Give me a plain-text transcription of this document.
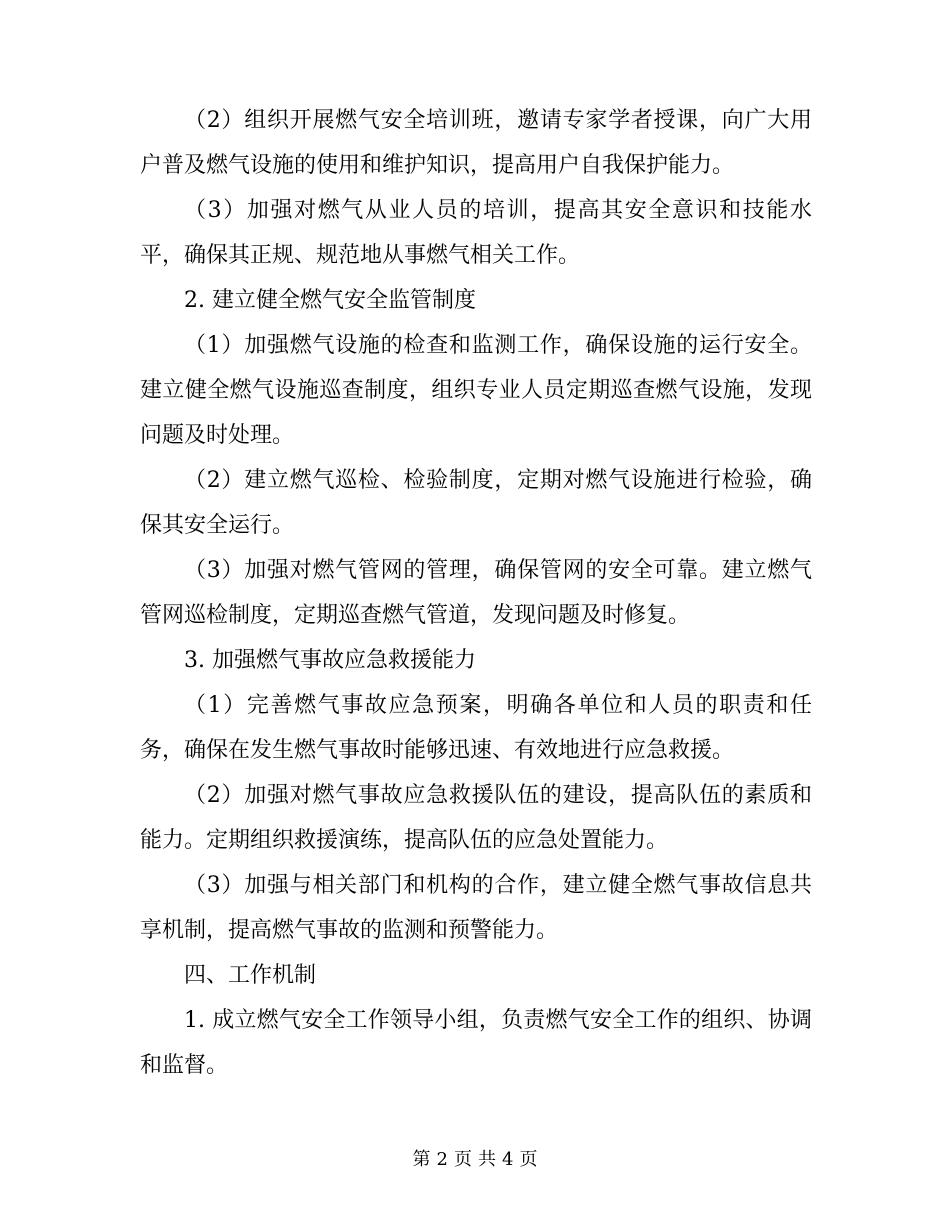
（2）组织开展燃气安全培训班，邀请专家学者授课，向广大用户普及燃气设施的使用和维护知识，提高用户自我保护能力。

（3）加强对燃气从业人员的培训，提高其安全意识和技能水平，确保其正规、规范地从事燃气相关工作。

2. 建立健全燃气安全监管制度

（1）加强燃气设施的检查和监测工作，确保设施的运行安全。建立健全燃气设施巡查制度，组织专业人员定期巡查燃气设施，发现问题及时处理。

（2）建立燃气巡检、检验制度，定期对燃气设施进行检验，确保其安全运行。

（3）加强对燃气管网的管理，确保管网的安全可靠。建立燃气管网巡检制度，定期巡查燃气管道，发现问题及时修复。

3. 加强燃气事故应急救援能力

（1）完善燃气事故应急预案，明确各单位和人员的职责和任务，确保在发生燃气事故时能够迅速、有效地进行应急救援。

（2）加强对燃气事故应急救援队伍的建设，提高队伍的素质和能力。定期组织救援演练，提高队伍的应急处置能力。

（3）加强与相关部门和机构的合作，建立健全燃气事故信息共享机制，提高燃气事故的监测和预警能力。

四、工作机制

1. 成立燃气安全工作领导小组，负责燃气安全工作的组织、协调和监督。

第 2 页 共 4 页
